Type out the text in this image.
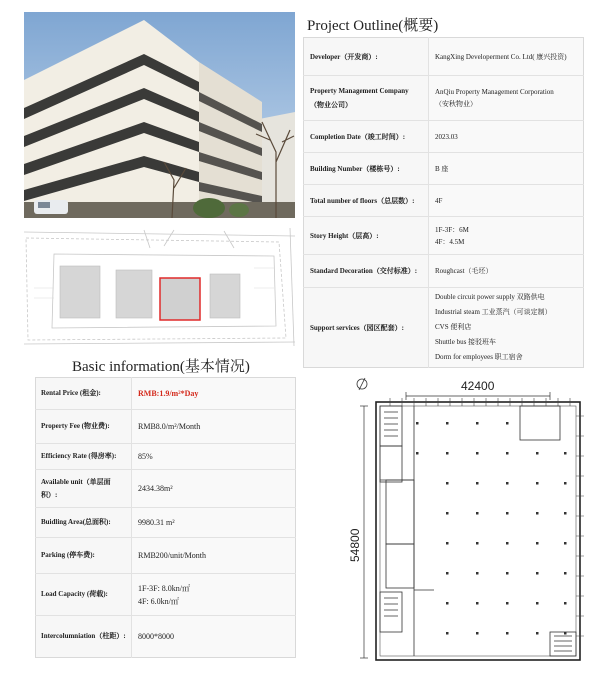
Project Outline(概要)
Developer（开发商）:	KangXing Developerment Co. Ltd( 康兴投资)

Property Management Company（物业公司）	AnQiu Property Management Corporation
（安秋物业）

Completion Date（竣工时间）:	2023.03

Building Number（楼栋号）:	B 座

Total number of floors（总层数）:	4F

Story Height（层高）:	1F-3F：6M
4F：4.5M

Standard Decoration（交付标准）:	Roughcast（毛坯）

Support services（园区配套）:	Double circuit power supply 双路供电
Industrial steam 工业蒸汽（可谈定制）
CVS 便利店
Shuttle bus 接驳班车
Dorm for employees 职工宿舍
Basic information(基本情况)
Rental Price (租金):	RMB:1.9/m²*Day

Property Fee (物业费):	RMB8.0/m²/Month

Efficiency Rate (得房率):	85%

Available unit（单层面积）:	2434.38m²

Buidling Area(总面积):	9980.31 m²

Parking (停车费):	RMB200/unit/Month

Load Capacity (荷载):	1F-3F: 8.0kn/㎡
4F: 6.0kn/㎡

Intercolumniation（柱距）:	8000*8000
42400
54800
